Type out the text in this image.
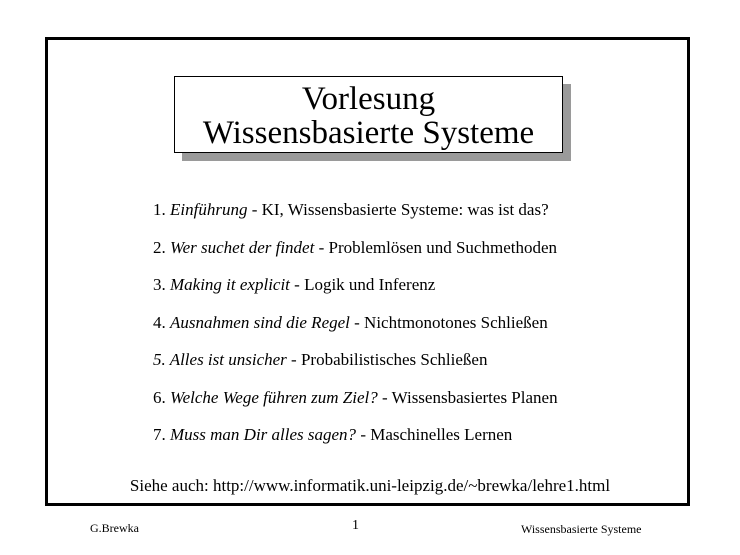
Vorlesung
Wissensbasierte Systeme
1. Einführung - KI, Wissensbasierte Systeme: was ist das?
2. Wer suchet der findet - Problemlösen und Suchmethoden
3. Making it explicit - Logik und Inferenz
4. Ausnahmen sind die Regel - Nichtmonotones Schließen
5. Alles ist unsicher - Probabilistisches Schließen
6. Welche Wege führen zum Ziel? - Wissensbasiertes Planen
7. Muss man Dir alles sagen? - Maschinelles Lernen
Siehe auch: http://www.informatik.uni-leipzig.de/~brewka/lehre1.html
G.Brewka	1	Wissensbasierte Systeme
